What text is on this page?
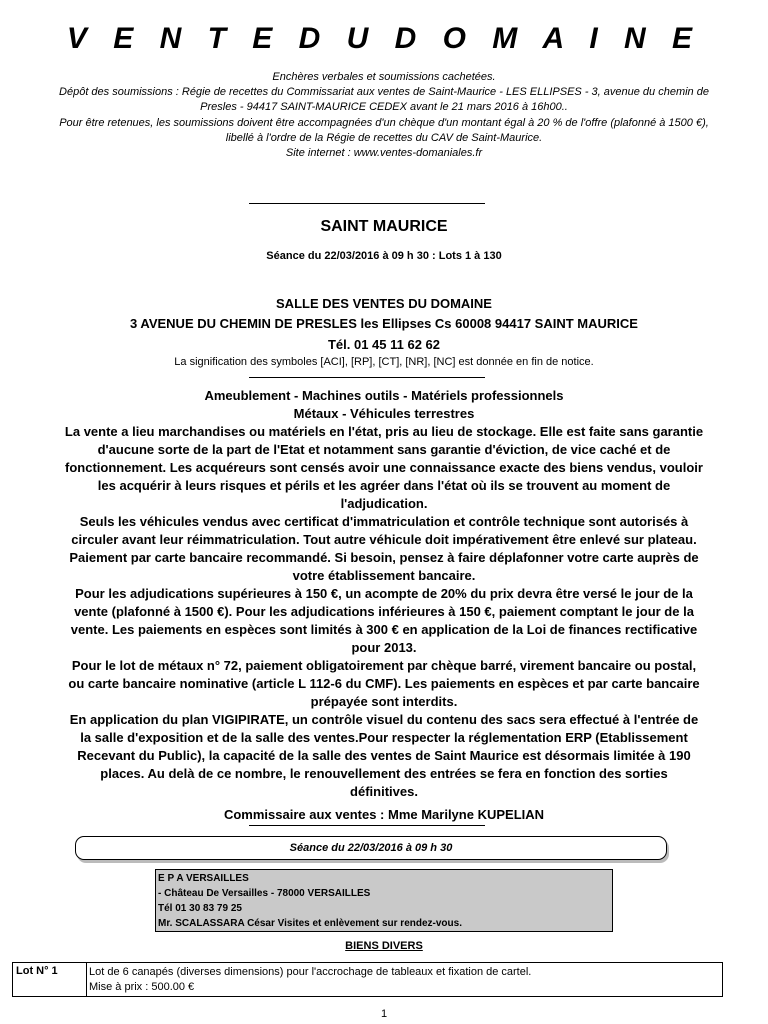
V E N T E D U D O M A I N E
Enchères verbales et soumissions cachetées.
Dépôt des soumissions : Régie de recettes du Commissariat aux ventes de Saint-Maurice - LES ELLIPSES - 3, avenue du chemin de
Presles - 94417 SAINT-MAURICE CEDEX avant le 21 mars 2016 à 16h00..
Pour être retenues, les soumissions doivent être accompagnées d'un chèque d'un montant égal à 20 % de l'offre (plafonné à 1500 €),
libellé à l'ordre de la Régie de recettes du CAV de Saint-Maurice.
Site internet : www.ventes-domaniales.fr
SAINT MAURICE
Séance du 22/03/2016 à 09 h 30 : Lots 1 à 130
SALLE DES VENTES DU DOMAINE
3 AVENUE DU CHEMIN DE PRESLES les Ellipses Cs 60008 94417 SAINT MAURICE
Tél. 01 45 11 62 62
La signification des symboles [ACI], [RP], [CT], [NR], [NC] est donnée en fin de notice.
Ameublement - Machines outils - Matériels professionnels
Métaux - Véhicules terrestres
La vente a lieu marchandises ou matériels en l'état, pris au lieu de stockage. Elle est faite sans garantie
d'aucune sorte de la part de l'Etat et notamment sans garantie d'éviction, de vice caché et de
fonctionnement. Les acquéreurs sont censés avoir une connaissance exacte des biens vendus, vouloir
les acquérir à leurs risques et périls et les agréer dans l'état où ils se trouvent au moment de
l'adjudication.
Seuls les véhicules vendus avec certificat d'immatriculation et contrôle technique sont autorisés à
circuler avant leur réimmatriculation. Tout autre véhicule doit impérativement être enlevé sur plateau.
Paiement par carte bancaire recommandé. Si besoin, pensez à faire déplafonner votre carte auprès de
votre établissement bancaire.
Pour les adjudications supérieures à 150 €, un acompte de 20% du prix devra être versé le jour de la
vente (plafonné à 1500 €). Pour les adjudications inférieures à 150 €, paiement comptant le jour de la
vente. Les paiements en espèces sont limités à 300 € en application de la Loi de finances rectificative
pour 2013.
Pour le lot de métaux n° 72, paiement obligatoirement par chèque barré, virement bancaire ou postal,
ou carte bancaire nominative (article L 112-6 du CMF). Les paiements en espèces et par carte bancaire
prépayée sont interdits.
En application du plan VIGIPIRATE, un contrôle visuel du contenu des sacs sera effectué à l'entrée de
la salle d'exposition et de la salle des ventes.Pour respecter la réglementation ERP (Etablissement
Recevant du Public), la capacité de la salle des ventes de Saint Maurice est désormais limitée à 190
places. Au delà de ce nombre, le renouvellement des entrées se fera en fonction des sorties
définitives.
Commissaire aux ventes : Mme Marilyne KUPELIAN
Séance du 22/03/2016 à 09 h 30
E P A VERSAILLES
- Château De Versailles - 78000 VERSAILLES
Tél 01 30 83 79 25
Mr. SCALASSARA César Visites et enlèvement sur rendez-vous.
BIENS DIVERS
Lot N° 1	Lot de 6 canapés (diverses dimensions) pour l'accrochage de tableaux et fixation de cartel.
Mise à prix : 500.00 €
1
